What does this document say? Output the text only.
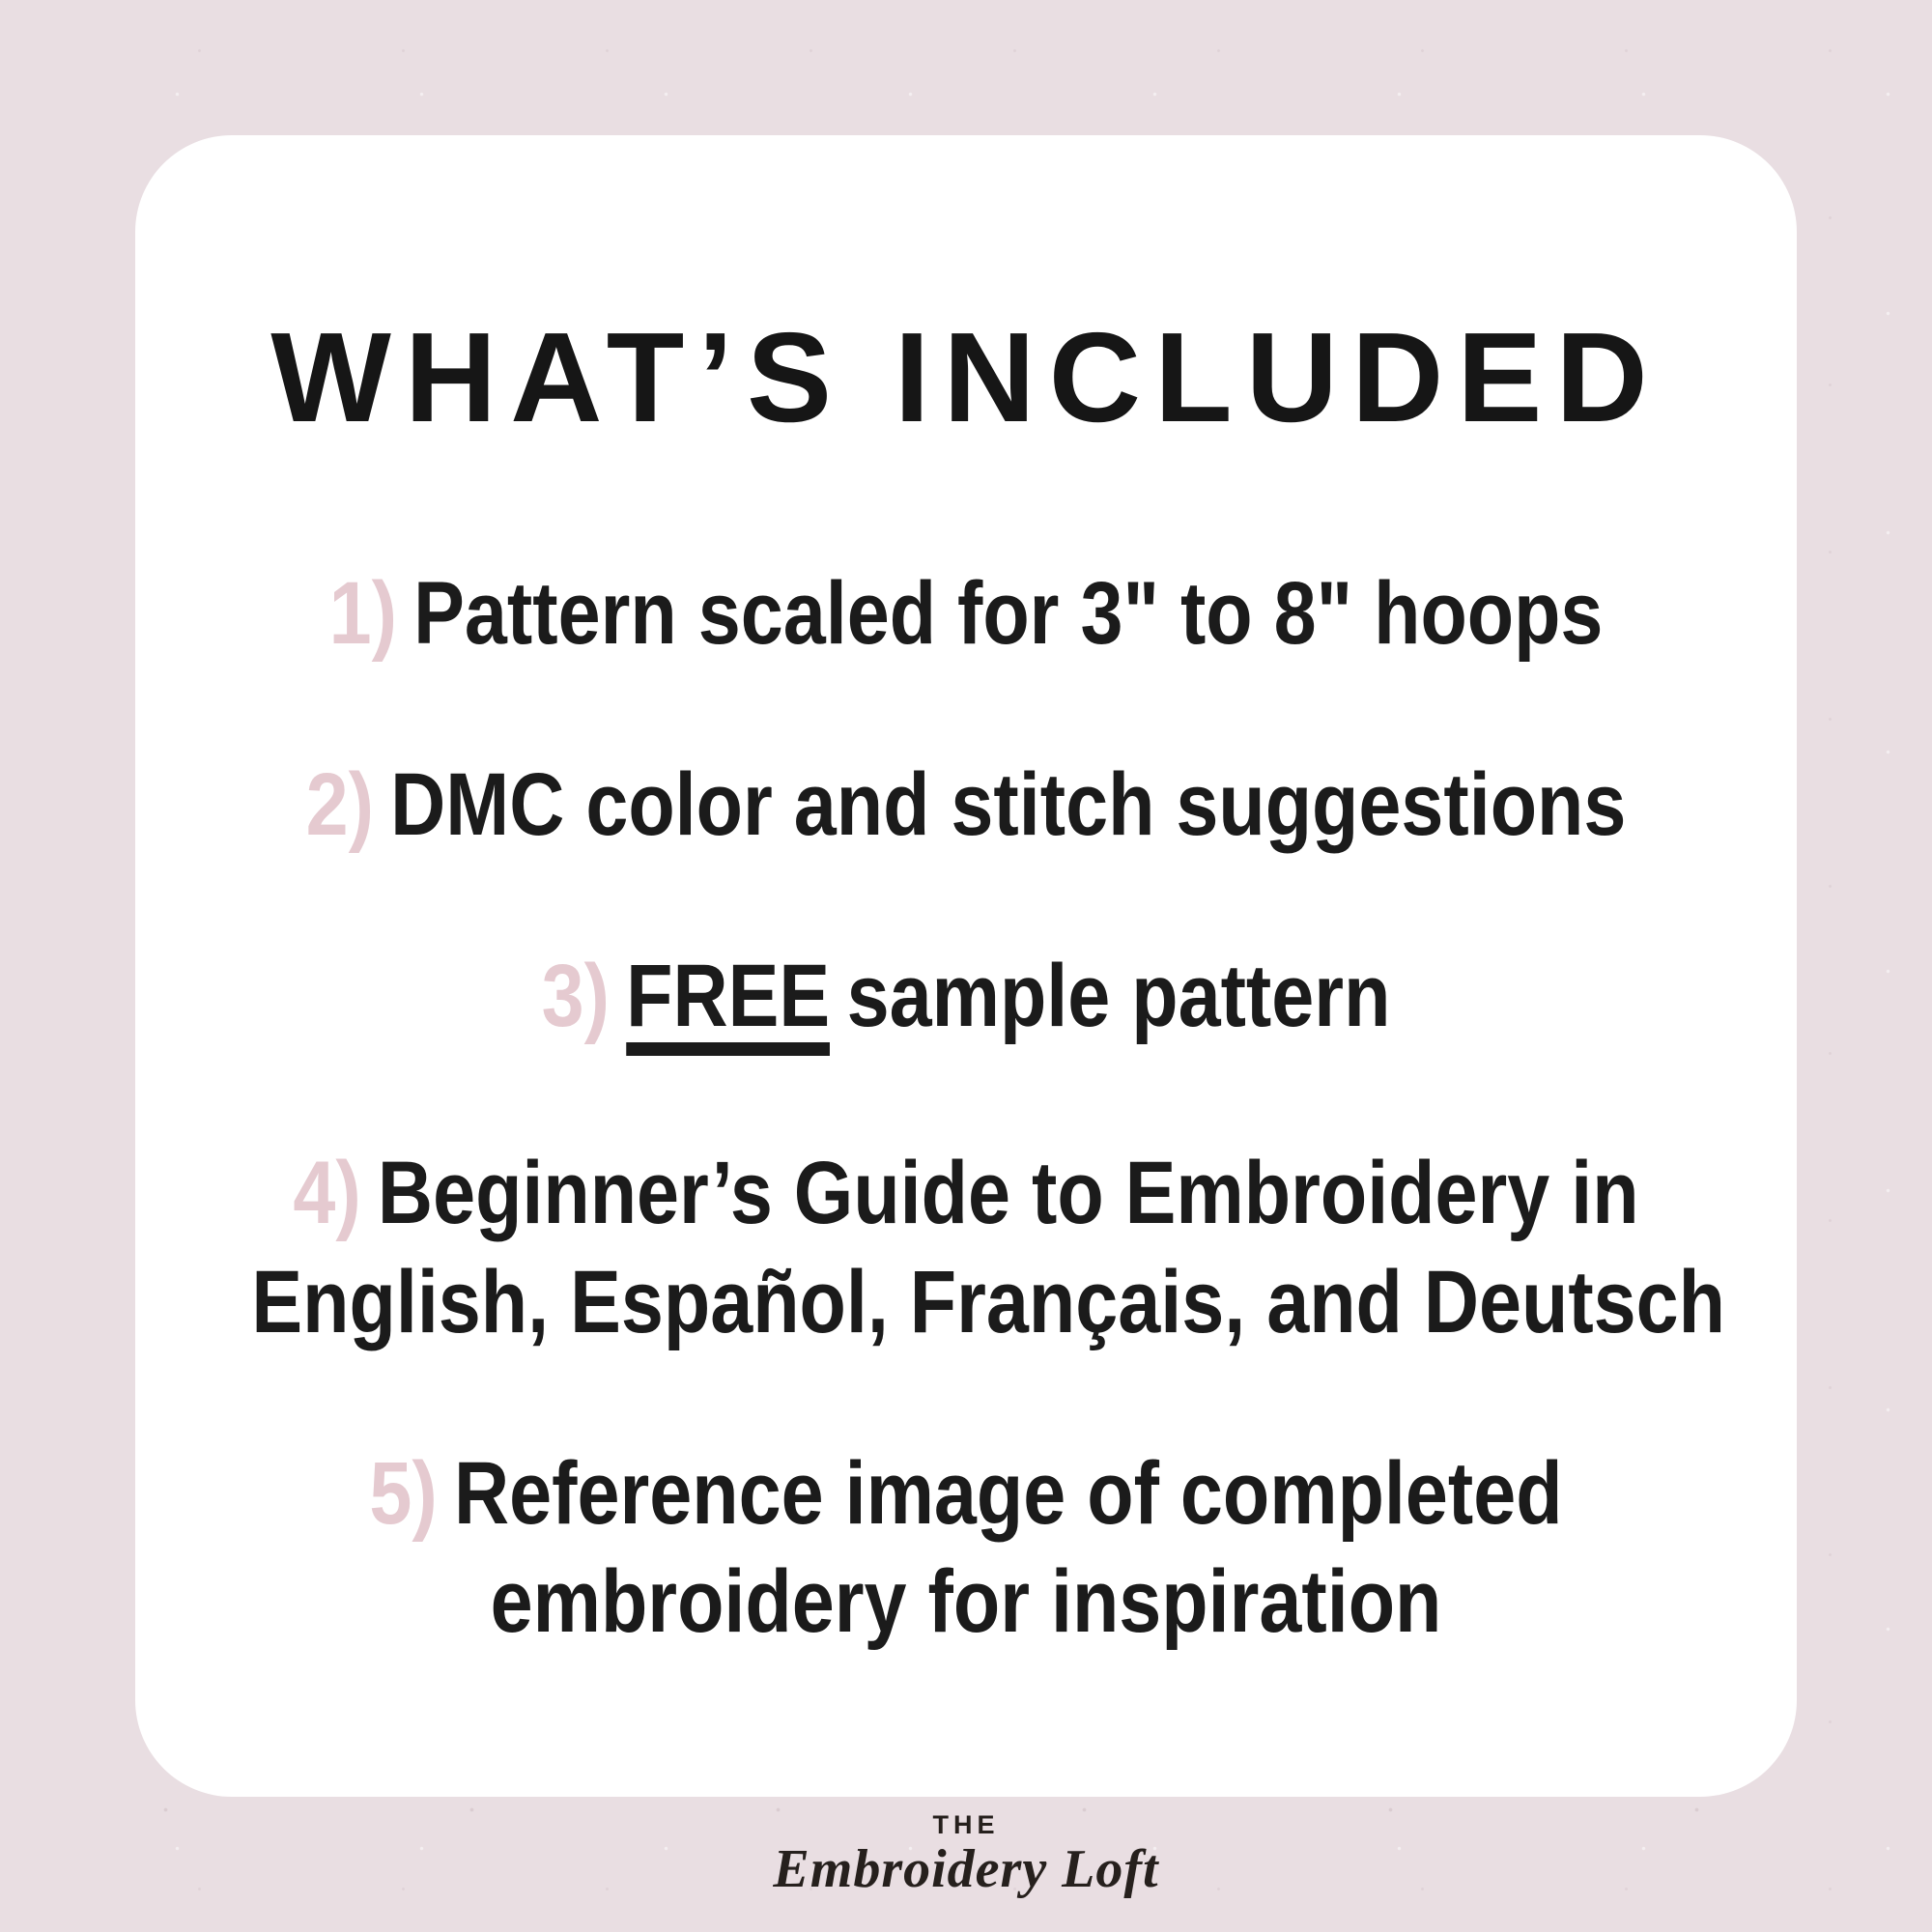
WHAT’S INCLUDED
1) Pattern scaled for 3" to 8" hoops
2) DMC color and stitch suggestions
3) FREE sample pattern
4) Beginner’s Guide to Embroidery in
English, Español, Français, and Deutsch
5) Reference image of completed
embroidery for inspiration
THE
Embroidery Loft
